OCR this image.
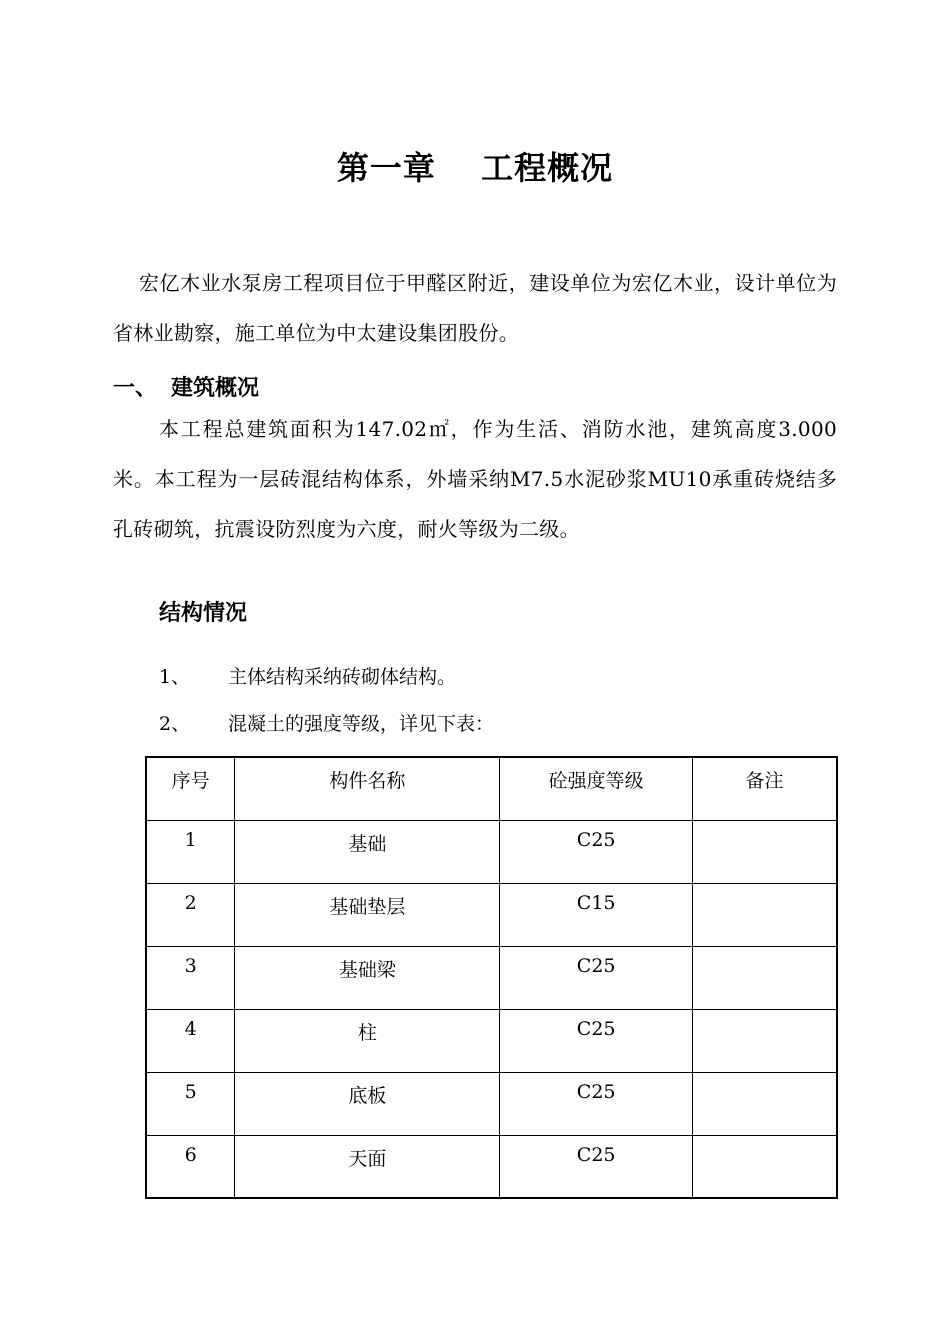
第一章　 工程概况
宏亿木业水泵房工程项目位于甲醛区附近，建设单位为宏亿木业，设计单位为省林业勘察，施工单位为中太建设集团股份。
一、 建筑概况
本工程总建筑面积为147.02㎡，作为生活、消防水池，建筑高度3.000米。本工程为一层砖混结构体系，外墙采纳M7.5水泥砂浆MU10承重砖烧结多孔砖砌筑，抗震设防烈度为六度，耐火等级为二级。
结构情况
1、 主体结构采纳砖砌体结构。
2、 混凝土的强度等级，详见下表：
序号	构件名称	砼强度等级	备注
1	基础	C25	
2	基础垫层	C15	
3	基础梁	C25	
4	柱	C25	
5	底板	C25	
6	天面	C25	
